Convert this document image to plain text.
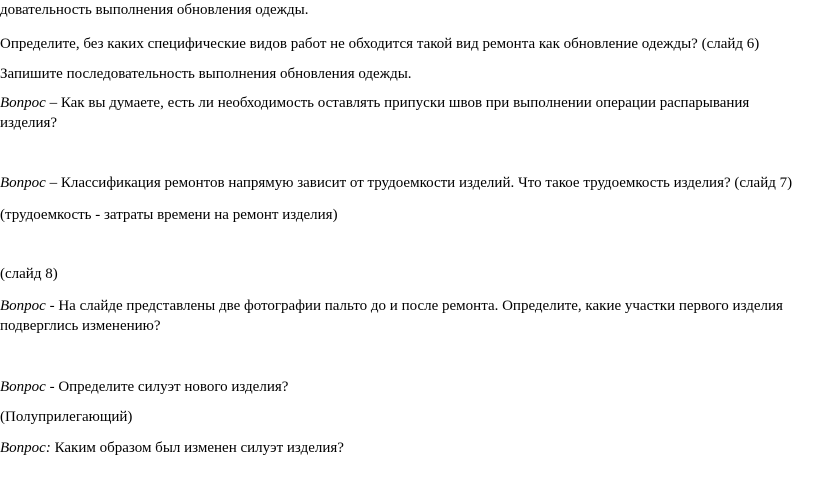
довательность выполнения обновления одежды.

Определите, без каких специфические видов работ не обходится такой вид ремонта как обновление одежды? (слайд 6)

Запишите последовательность выполнения обновления одежды.

Вопрос – Как вы думаете, есть ли необходимость оставлять припуски швов при выполнении операции распарывания изделия?

Вопрос – Классификация ремонтов напрямую зависит от трудоемкости изделий. Что такое трудоемкость изделия? (слайд 7)

(трудоемкость - затраты времени на ремонт изделия)

(слайд 8)

Вопрос - На слайде представлены две фотографии пальто до и после ремонта. Определите, какие участки первого изделия подверглись изменению?

Вопрос - Определите силуэт нового изделия?

(Полуприлегающий)

Вопрос: Каким образом был изменен силуэт изделия?
